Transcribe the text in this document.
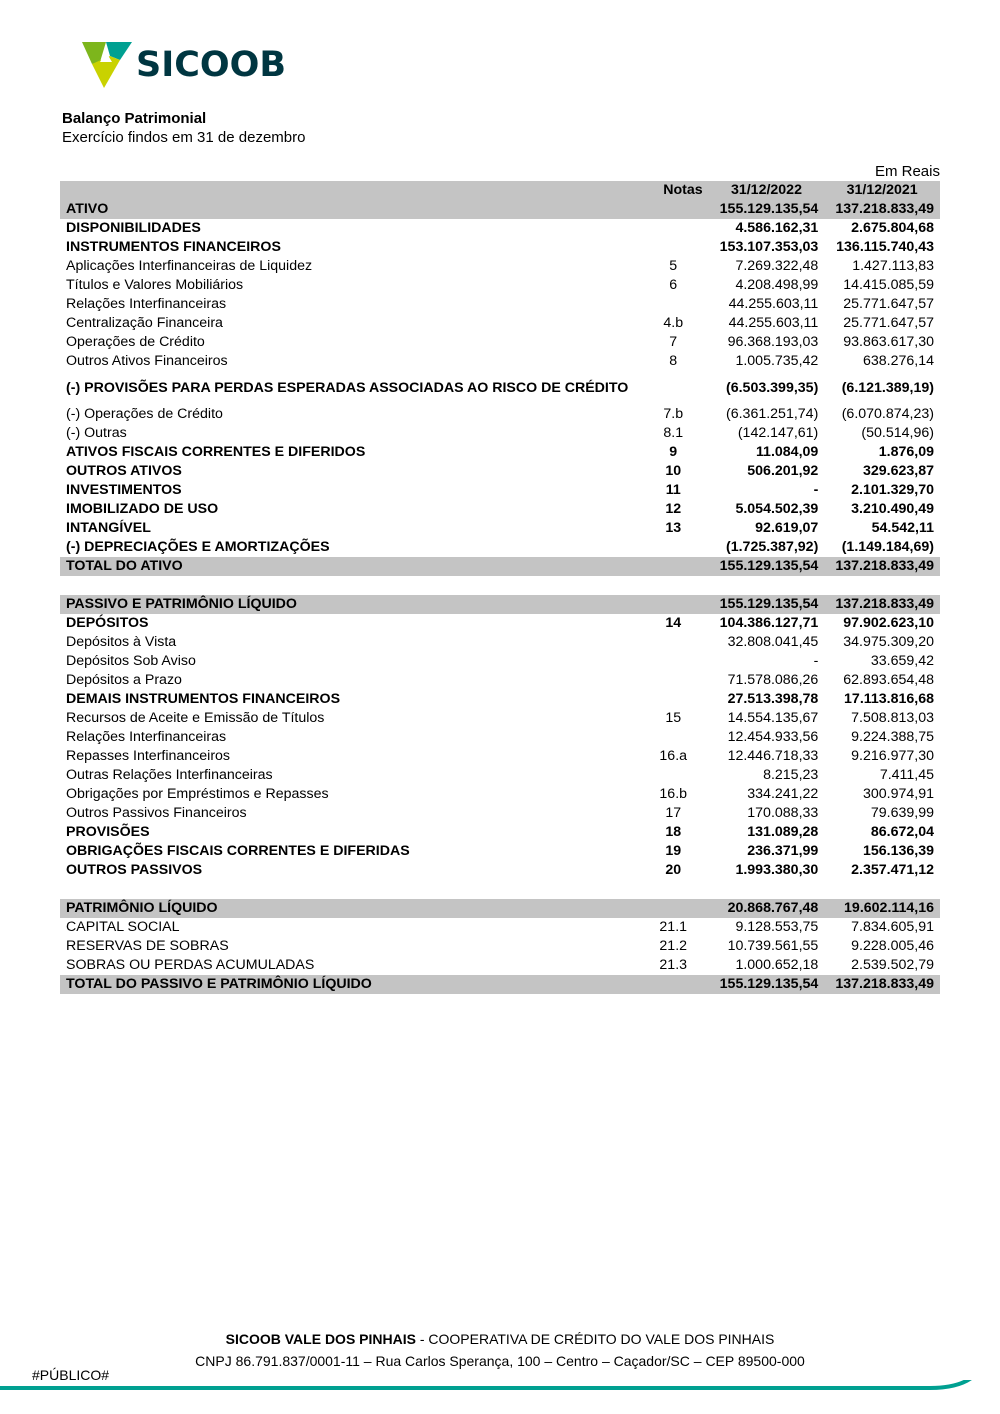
SICOOB
Balanço Patrimonial
Exercício findos em 31 de dezembro
Em Reais
	Notas	31/12/2022	31/12/2021
ATIVO		155.129.135,54	137.218.833,49
DISPONIBILIDADES		4.586.162,31	2.675.804,68
INSTRUMENTOS FINANCEIROS		153.107.353,03	136.115.740,43
Aplicações Interfinanceiras de Liquidez	5	7.269.322,48	1.427.113,83
Títulos e Valores Mobiliários	6	4.208.498,99	14.415.085,59
Relações Interfinanceiras		44.255.603,11	25.771.647,57
Centralização Financeira	4.b	44.255.603,11	25.771.647,57
Operações de Crédito	7	96.368.193,03	93.863.617,30
Outros Ativos Financeiros	8	1.005.735,42	638.276,14
(-) PROVISÕES PARA PERDAS ESPERADAS ASSOCIADAS AO RISCO DE CRÉDITO		(6.503.399,35)	(6.121.389,19)
(-) Operações de Crédito	7.b	(6.361.251,74)	(6.070.874,23)
(-) Outras	8.1	(142.147,61)	(50.514,96)
ATIVOS FISCAIS CORRENTES E DIFERIDOS	9	11.084,09	1.876,09
OUTROS ATIVOS	10	506.201,92	329.623,87
INVESTIMENTOS	11	-	2.101.329,70
IMOBILIZADO DE USO	12	5.054.502,39	3.210.490,49
INTANGÍVEL	13	92.619,07	54.542,11
(-) DEPRECIAÇÕES E AMORTIZAÇÕES		(1.725.387,92)	(1.149.184,69)
TOTAL DO ATIVO		155.129.135,54	137.218.833,49

PASSIVO E PATRIMÔNIO LÍQUIDO		155.129.135,54	137.218.833,49
DEPÓSITOS	14	104.386.127,71	97.902.623,10
Depósitos à Vista		32.808.041,45	34.975.309,20
Depósitos Sob Aviso		-	33.659,42
Depósitos a Prazo		71.578.086,26	62.893.654,48
DEMAIS INSTRUMENTOS FINANCEIROS		27.513.398,78	17.113.816,68
Recursos de Aceite e Emissão de Títulos	15	14.554.135,67	7.508.813,03
Relações Interfinanceiras		12.454.933,56	9.224.388,75
Repasses Interfinanceiros	16.a	12.446.718,33	9.216.977,30
Outras Relações Interfinanceiras		8.215,23	7.411,45
Obrigações por Empréstimos e Repasses	16.b	334.241,22	300.974,91
Outros Passivos Financeiros	17	170.088,33	79.639,99
PROVISÕES	18	131.089,28	86.672,04
OBRIGAÇÕES FISCAIS CORRENTES E DIFERIDAS	19	236.371,99	156.136,39
OUTROS PASSIVOS	20	1.993.380,30	2.357.471,12

PATRIMÔNIO LÍQUIDO		20.868.767,48	19.602.114,16
CAPITAL SOCIAL	21.1	9.128.553,75	7.834.605,91
RESERVAS DE SOBRAS	21.2	10.739.561,55	9.228.005,46
SOBRAS OU PERDAS ACUMULADAS	21.3	1.000.652,18	2.539.502,79
TOTAL DO PASSIVO E PATRIMÔNIO LÍQUIDO		155.129.135,54	137.218.833,49
SICOOB VALE DOS PINHAIS - COOPERATIVA DE CRÉDITO DO VALE DOS PINHAIS
CNPJ 86.791.837/0001-11 – Rua Carlos Sperança, 100 – Centro – Caçador/SC – CEP 89500-000
#PÚBLICO#
